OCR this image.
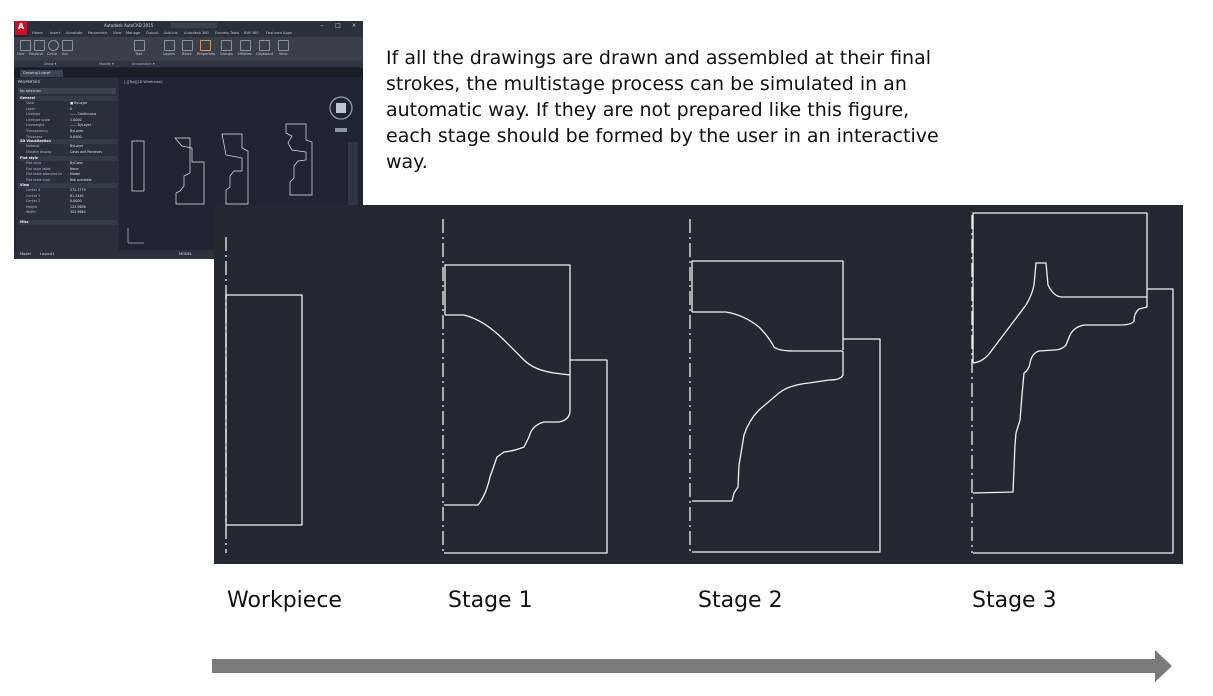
Autodesk AutoCAD 2015	–	□	×
A
Home Insert Annotate Parametric View Manage Output Add-ins Autodesk 360 Express Tools BIM 360 Featured Apps
Line Polyline Circle Arc	Text	Layers Block Properties Groups Utilities Clipboard View
Draw ▾	Modify ▾	Annotation ▾
Drawing1.dwg*
PROPERTIES
No selection
General
Color	■ ByLayer
Layer	0
Linetype	—— Continuous
Linetype scale	1.0000
Lineweight	—— ByLayer
Transparency	ByLayer
Thickness	0.0000
3D Visualization
Material	ByLayer
Shadow display	Casts and Receives
Plot style
Plot style	ByColor
Plot style table	None
Plot table attached to	Model
Plot table type	Not available
View
Center X	272.3779
Center Y	81.2445
Center Z	0.0000
Height	125.9658
Width	352.9644
Misc
[-][Top][2D Wireframe]
Model	Layout1	MODEL

If all the drawings are drawn and assembled at their final strokes, the multistage process can be simulated in an automatic way. If they are not prepared like this figure, each stage should be formed by the user in an interactive way.

Workpiece	Stage 1	Stage 2	Stage 3
